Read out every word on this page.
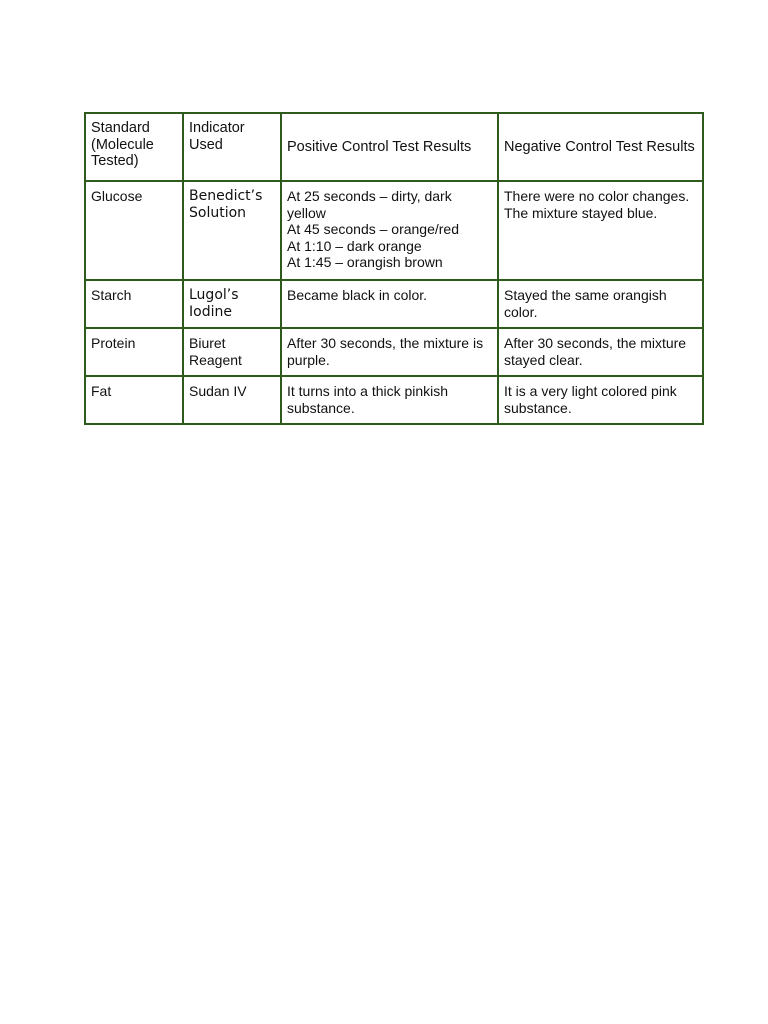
Standard (Molecule Tested)	Indicator Used	Positive Control Test Results	Negative Control Test Results
Glucose	Benedict’s Solution	At 25 seconds – dirty, dark yellow
At 45 seconds – orange/red
At 1:10 – dark orange
At 1:45 – orangish brown	There were no color changes. The mixture stayed blue.
Starch	Lugol’s Iodine	Became black in color.	Stayed the same orangish color.
Protein	Biuret Reagent	After 30 seconds, the mixture is purple.	After 30 seconds, the mixture stayed clear.
Fat	Sudan IV	It turns into a thick pinkish substance.	It is a very light colored pink substance.
